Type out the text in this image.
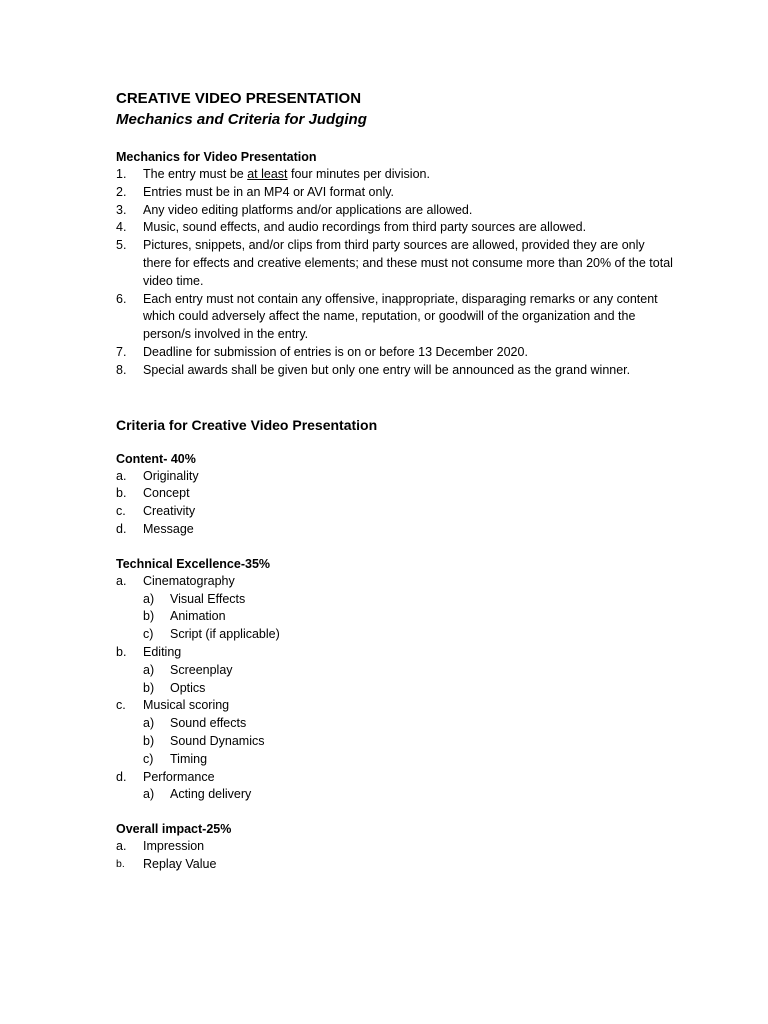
CREATIVE VIDEO PRESENTATION
Mechanics and Criteria for Judging
Mechanics for Video Presentation
1.	The entry must be at least four minutes per division.
2.	Entries must be in an MP4 or AVI format only.
3.	Any video editing platforms and/or applications are allowed.
4.	Music, sound effects, and audio recordings from third party sources are allowed.
5.	Pictures, snippets, and/or clips from third party sources are allowed, provided they are only there for effects and creative elements; and these must not consume more than 20% of the total video time.
6.	Each entry must not contain any offensive, inappropriate, disparaging remarks or any content which could adversely affect the name, reputation, or goodwill of the organization and the person/s involved in the entry.
7.	Deadline for submission of entries is on or before 13 December 2020.
8.	Special awards shall be given but only one entry will be announced as the grand winner.
Criteria for Creative Video Presentation
Content- 40%
a.	Originality
b.	Concept
c.	Creativity
d.	Message
Technical Excellence-35%
a.	Cinematography
a)	Visual Effects
b)	Animation
c)	Script (if applicable)
b.	Editing
a)	Screenplay
b)	Optics
c.	Musical scoring
a)	Sound effects
b)	Sound Dynamics
c)	Timing
d.	Performance
a)	Acting delivery
Overall impact-25%
a.	Impression
b.	Replay Value
